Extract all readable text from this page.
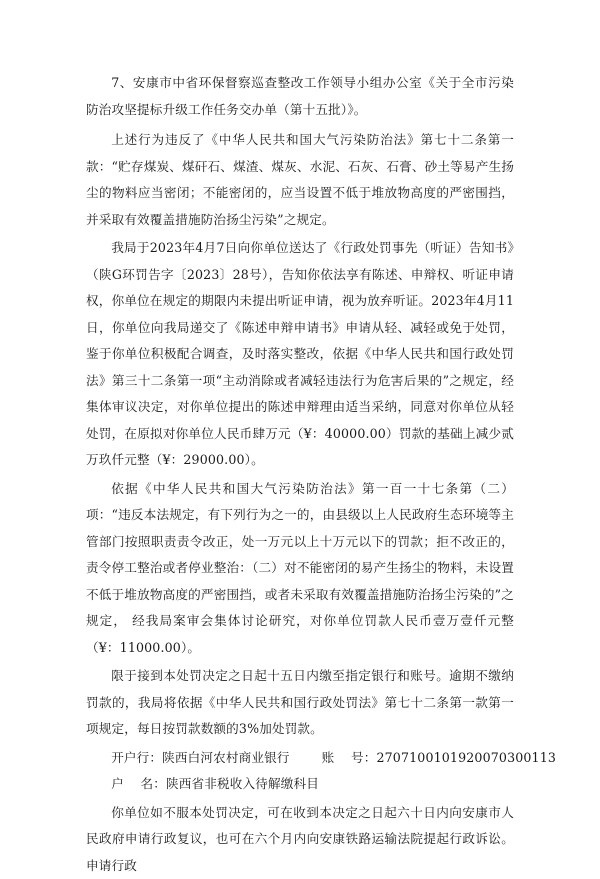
7、安康市中省环保督察巡查整改工作领导小组办公室《关于全市污染防治攻坚提标升级工作任务交办单（第十五批）》。

上述行为违反了《中华人民共和国大气污染防治法》第七十二条第一款：“贮存煤炭、煤矸石、煤渣、煤灰、水泥、石灰、石膏、砂土等易产生扬尘的物料应当密闭；不能密闭的，应当设置不低于堆放物高度的严密围挡，并采取有效覆盖措施防治扬尘污染”之规定。

我局于2023年4月7日向你单位送达了《行政处罚事先（听证）告知书》（陕G环罚告字〔2023〕28号），告知你依法享有陈述、申辩权、听证申请权，你单位在规定的期限内未提出听证申请，视为放弃听证。2023年4月11日，你单位向我局递交了《陈述申辩申请书》申请从轻、减轻或免于处罚，鉴于你单位积极配合调查，及时落实整改，依据《中华人民共和国行政处罚法》第三十二条第一项“主动消除或者减轻违法行为危害后果的”之规定，经集体审议决定，对你单位提出的陈述申辩理由适当采纳，同意对你单位从轻处罚，在原拟对你单位人民币肆万元（¥：40000.00）罚款的基础上减少贰万玖仟元整（¥：29000.00）。

依据《中华人民共和国大气污染防治法》第一百一十七条第（二）项：“违反本法规定，有下列行为之一的，由县级以上人民政府生态环境等主管部门按照职责责令改正，处一万元以上十万元以下的罚款；拒不改正的，责令停工整治或者停业整治：（二）对不能密闭的易产生扬尘的物料，未设置不低于堆放物高度的严密围挡，或者未采取有效覆盖措施防治扬尘污染的”之规定， 经我局案审会集体讨论研究，对你单位罚款人民币壹万壹仟元整（¥：11000.00）。

限于接到本处罚决定之日起十五日内缴至指定银行和账号。逾期不缴纳罚款的，我局将依据《中华人民共和国行政处罚法》第七十二条第一款第一项规定，每日按罚款数额的3%加处罚款。

开户行：陕西白河农村商业银行	账    号：2707100101920070300113

户    名：陕西省非税收入待解缴科目

你单位如不服本处罚决定，可在收到本决定之日起六十日内向安康市人民政府申请行政复议，也可在六个月内向安康铁路运输法院提起行政诉讼。申请行政
